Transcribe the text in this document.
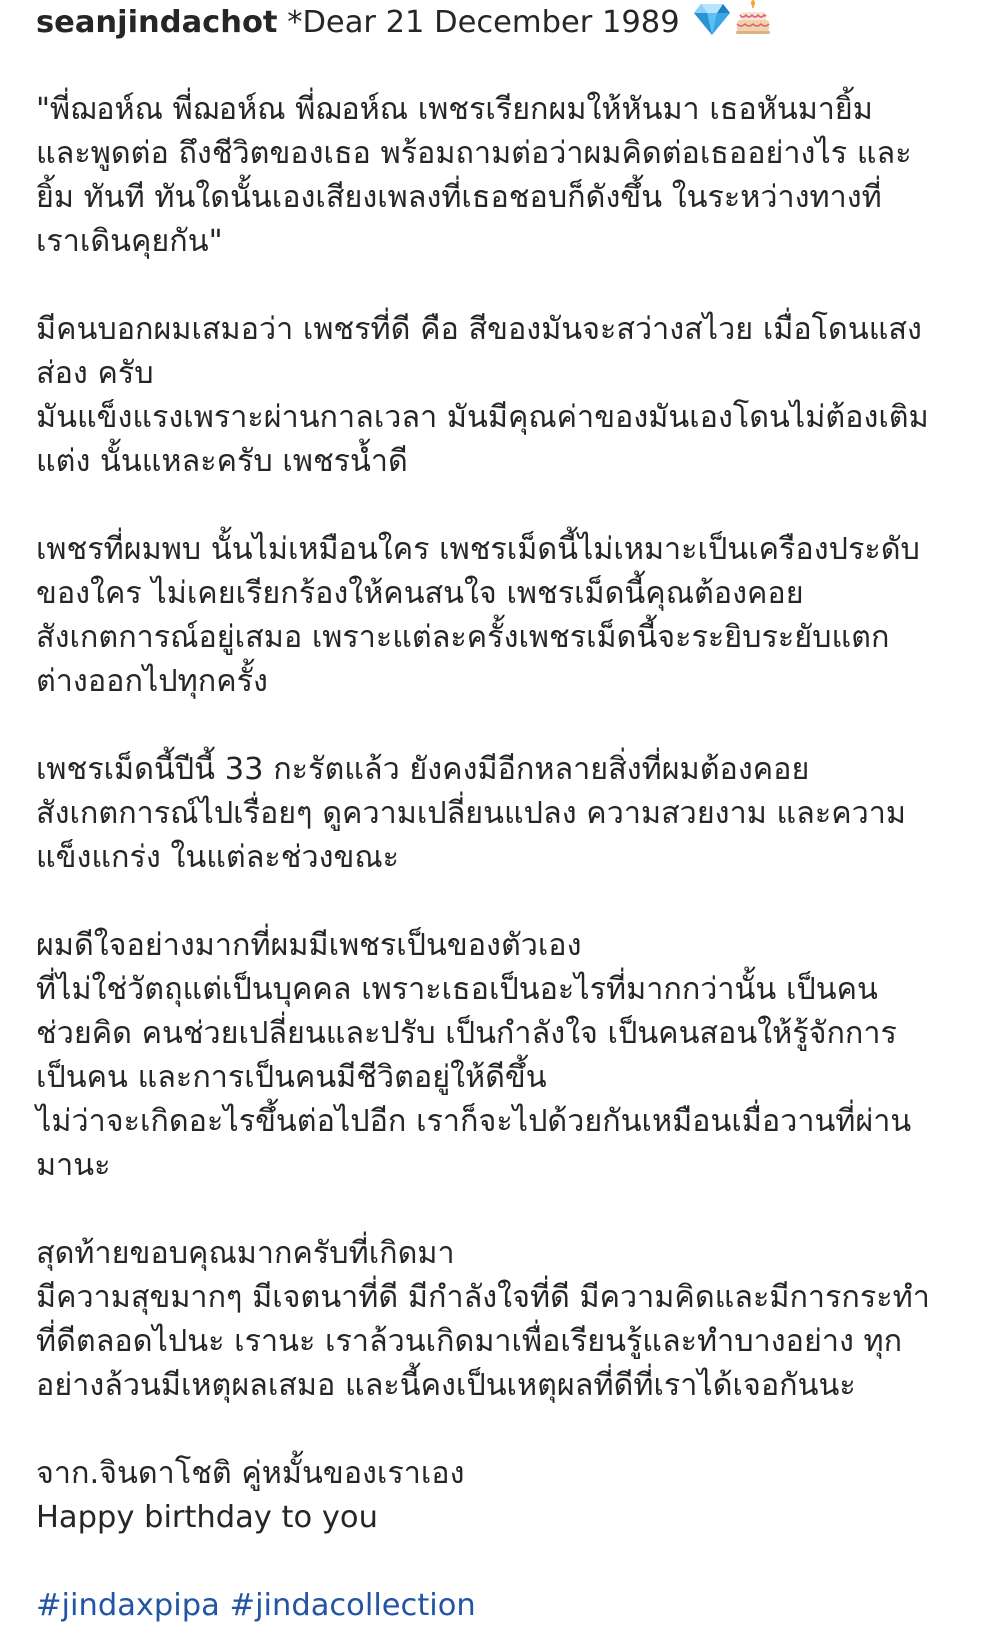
seanjindachot *Dear 21 December 1989
"พี่ฌอห์ณ พี่ฌอห์ณ พี่ฌอห์ณ เพชรเรียกผมให้หันมา เธอหันมายิ้ม
และพูดต่อ ถึงชีวิตของเธอ พร้อมถามต่อว่าผมคิดต่อเธออย่างไร และ
ยิ้ม ทันที ทันใดนั้นเองเสียงเพลงที่เธอชอบก็ดังขึ้น ในระหว่างทางที่
เราเดินคุยกัน"
มีคนบอกผมเสมอว่า เพชรที่ดี คือ สีของมันจะสว่างสไวย เมื่อโดนแสง
ส่อง ครับ
มันแข็งแรงเพราะผ่านกาลเวลา มันมีคุณค่าของมันเองโดนไม่ต้องเติม
แต่ง นั้นแหละครับ เพชรน้ำดี
เพชรที่ผมพบ นั้นไม่เหมือนใคร เพชรเม็ดนี้ไม่เหมาะเป็นเครืองประดับ
ของใคร ไม่เคยเรียกร้องให้คนสนใจ เพชรเม็ดนี้คุณต้องคอย
สังเกตการณ์อยู่เสมอ เพราะแต่ละครั้งเพชรเม็ดนี้จะระยิบระยับแตก
ต่างออกไปทุกครั้ง
เพชรเม็ดนี้ปีนี้ 33 กะรัตแล้ว ยังคงมีอีกหลายสิ่งที่ผมต้องคอย
สังเกตการณ์ไปเรื่อยๆ ดูความเปลี่ยนแปลง ความสวยงาม และความ
แข็งแกร่ง ในแต่ละช่วงขณะ
ผมดีใจอย่างมากที่ผมมีเพชรเป็นของตัวเอง
ที่ไม่ใช่วัตถุแต่เป็นบุคคล เพราะเธอเป็นอะไรที่มากกว่านั้น เป็นคน
ช่วยคิด คนช่วยเปลี่ยนและปรับ เป็นกำลังใจ เป็นคนสอนให้รู้จักการ
เป็นคน และการเป็นคนมีชีวิตอยู่ให้ดีขึ้น
ไม่ว่าจะเกิดอะไรขึ้นต่อไปอีก เราก็จะไปด้วยกันเหมือนเมื่อวานที่ผ่าน
มานะ
สุดท้ายขอบคุณมากครับที่เกิดมา
มีความสุขมากๆ มีเจตนาที่ดี มีกำลังใจที่ดี มีความคิดและมีการกระทำ
ที่ดีตลอดไปนะ เรานะ เราล้วนเกิดมาเพื่อเรียนรู้และทำบางอย่าง ทุก
อย่างล้วนมีเหตุผลเสมอ และนี้คงเป็นเหตุผลที่ดีที่เราได้เจอกันนะ
จาก.จินดาโชติ คู่หมั้นของเราเอง
Happy birthday to you
#jindaxpipa #jindacollection
